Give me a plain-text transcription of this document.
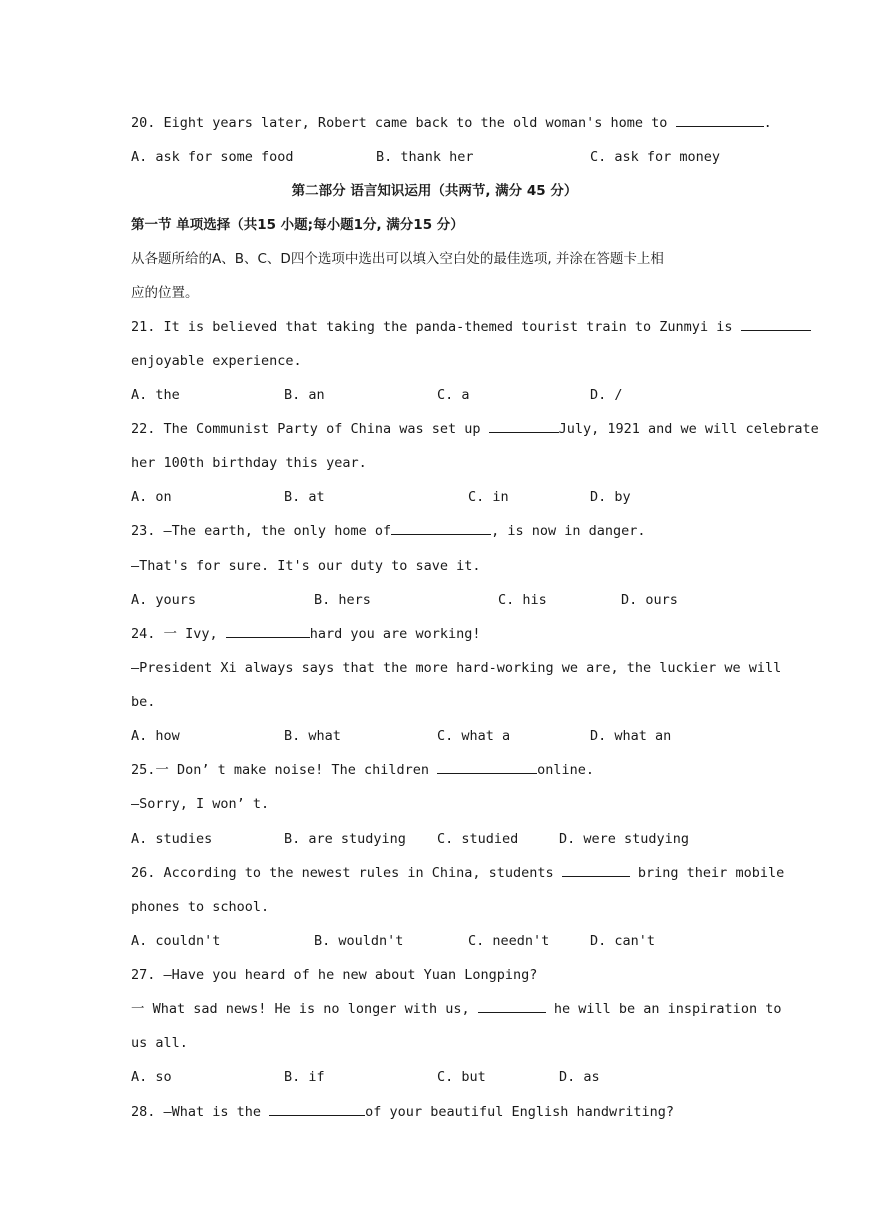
20. Eight years later, Robert came back to the old woman's home to	.
A. ask for some food	B. thank her	C. ask for money
第二部分 语言知识运用（共两节, 满分 45 分）
第一节 单项选择（共15 小题;每小题1分, 满分15 分）
从各题所给的A、B、C、D四个选项中选出可以填入空白处的最佳选项, 并涂在答题卡上相
应的位置。
21. It is believed that taking the panda-themed tourist train to Zunmyi is
enjoyable experience.
A. the	B. an	C. a	D. /
22. The Communist Party of China was set up	July, 1921 and we will celebrate
her 100th birthday this year.
A. on	B. at	C. in	D. by
23. —The earth, the only home of	, is now in danger.
—That's for sure. It's our duty to save it.
A. yours	B. hers	C. his	D. ours
24. 一 Ivy,	hard you are working!
—President Xi always says that the more hard-working we are, the luckier we will
be.
A. how	B. what	C. what a	D. what an
25.一 Don’ t make noise! The children	online.
—Sorry, I won’ t.
A. studies	B. are studying C. studied	D. were studying
26. According to the newest rules in China, students	bring their mobile
phones to school.
A. couldn't	B. wouldn't	C. needn't	D. can't
27. —Have you heard of he new about Yuan Longping?
一 What sad news! He is no longer with us,	he will be an inspiration to
us all.
A. so	B. if	C. but	D. as
28. —What is the	of your beautiful English handwriting?
